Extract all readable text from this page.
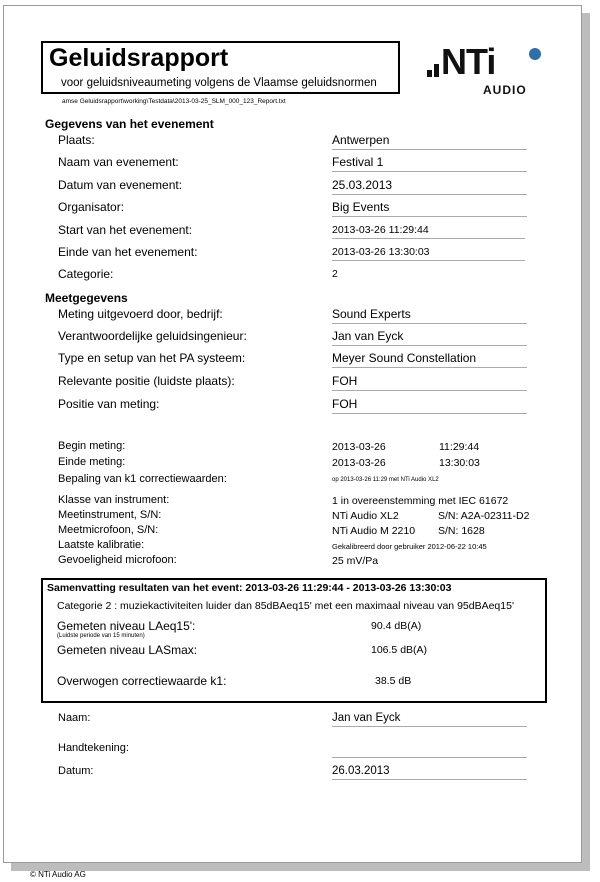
Geluidsrapport
voor geluidsniveaumeting volgens de Vlaamse geluidsnormen
amse Geluidsrapport\working\Testdata\2013-03-25_SLM_000_123_Report.txt
NTi
AUDIO
Gegevens van het evenement
Plaats:	Antwerpen
Naam van evenement:	Festival 1
Datum van evenement:	25.03.2013
Organisator:	Big Events
Start van het evenement:	2013-03-26 11:29:44
Einde van het evenement:	2013-03-26 13:30:03
Categorie:	2
Meetgegevens
Meting uitgevoerd door, bedrijf:	Sound Experts
Verantwoordelijke geluidsingenieur:	Jan van Eyck
Type en setup van het PA systeem:	Meyer Sound Constellation
Relevante positie (luidste plaats):	FOH
Positie van meting:	FOH
Begin meting:	2013-03-26	11:29:44
Einde meting:	2013-03-26	13:30:03
Bepaling van k1 correctiewaarden:	op 2013-03-26 11:29 met NTi Audio XL2
Klasse van instrument:	1 in overeenstemming met IEC 61672
Meetinstrument, S/N:	NTi Audio XL2	S/N: A2A-02311-D2
Meetmicrofoon, S/N:	NTi Audio M 2210 S/N: 1628
Laatste kalibratie:	Gekalibreerd door gebruiker 2012-06-22 10:45
Gevoeligheid microfoon:	25 mV/Pa
Samenvatting resultaten van het event: 2013-03-26 11:29:44 - 2013-03-26 13:30:03
Categorie 2 : muziekactiviteiten luider dan 85dBAeq15' met een maximaal niveau van 95dBAeq15'
Gemeten niveau LAeq15':
(Luidste periode van 15 minuten)
90.4 dB(A)
Gemeten niveau LASmax:	106.5 dB(A)
Overwogen correctiewaarde k1:	38.5 dB
Naam:	Jan van Eyck
Handtekening:
Datum:	26.03.2013
© NTi Audio AG
